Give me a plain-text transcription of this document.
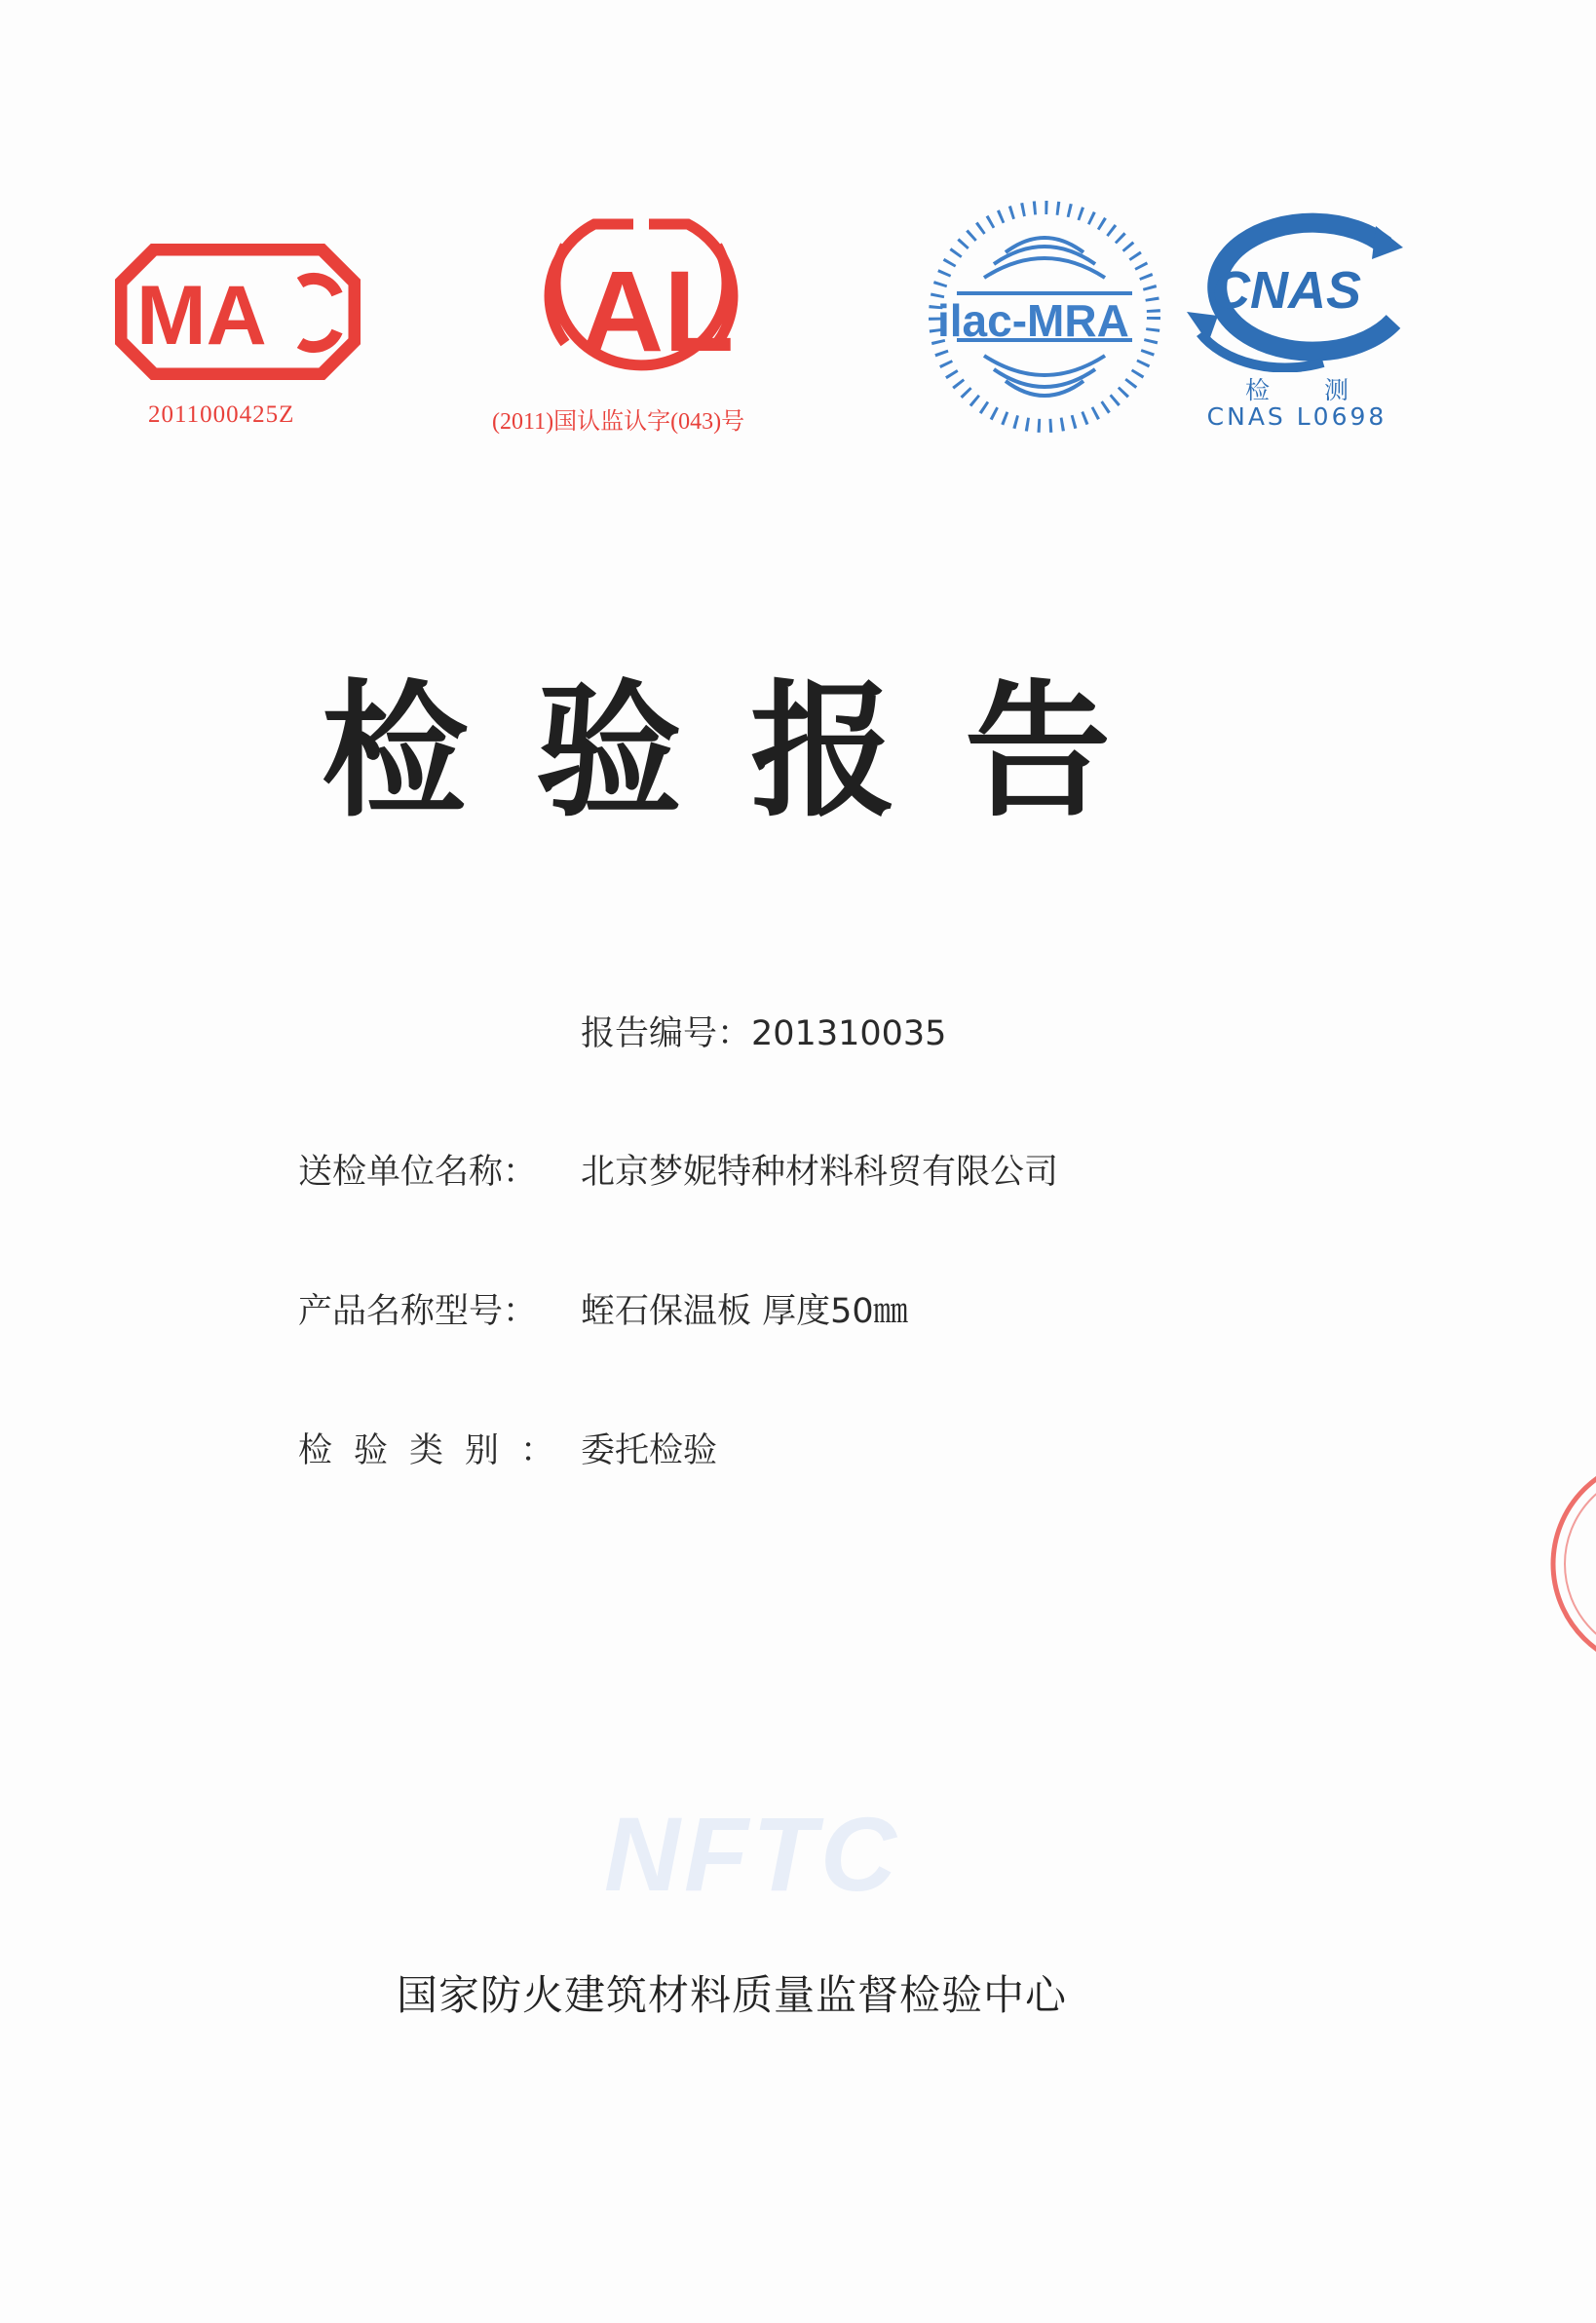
MA
2011000425Z
AL
(2011)国认监认字(043)号
ilac-MRA
CNAS
检 测
CNAS L0698
检验报告
报告编号：201310035
送检单位名称： 北京梦妮特种材料科贸有限公司
产品名称型号： 蛭石保温板 厚度50㎜
检验类别： 委托检验
NFTC
国家防火建筑材料质量监督检验中心
